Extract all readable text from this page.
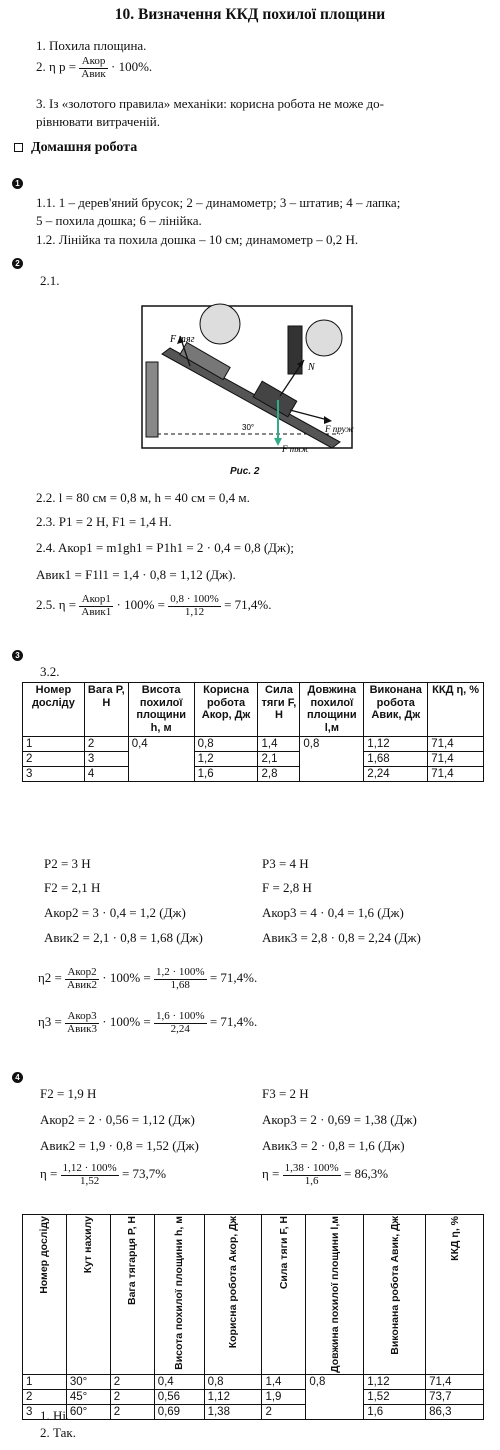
10. Визначення ККД похилої площини
1. Похила площина.
2. η $р = \frac{\text{Aкор}}{\text{Aвик}} \cdot 100\%$.
3. Із «золотого правила» механіки: корисна робота не може до-
рівнювати витраченій.
Домашня робота
1
1.1. 1 – дерев'яний брусок; 2 – динамометр; 3 – штатив; 4 – лапка;
5 – похила дошка; 6 – лінійка.
1.2. Лінійка та похила дошка – 10 см; динамометр – 0,2 Н.
2
2.1.
F тяг
N
F пруж
F тяж
30°
Рис. 2
2.2. l = 80 см = 0,8 м, h = 40 см = 0,4 м.
2.3. P1 = 2 Н, F1 = 1,4 Н.
2.4. Aкор1 = m1gh1 = P1h1 = 2 · 0,4 = 0,8 (Дж);
Aвик1 = F1l1 = 1,4 · 0,8 = 1,12 (Дж).
2.5. $\eta = \frac{\text{Aкор1}}{\text{Aвик1}} \cdot 100\% = \frac{0,8 \cdot 100\%}{1,12} = 71,4\%$.
3
3.2.
Номер досліду	Вага P, Н	Висота похилої площини h, м	Корисна робота Aкор, Дж	Сила тяги F, Н	Довжина похилої площини l,м	Виконана робота Aвик, Дж	ККД η, %
1	2	0,4	0,8	1,4	0,8	1,12	71,4
2	3		1,2	2,1		1,68	71,4
3	4		1,6	2,8		2,24	71,4
P2 = 3 Н
F2 = 2,1 Н
Aкор2 = 3 · 0,4 = 1,2 (Дж)
Aвик2 = 2,1 · 0,8 = 1,68 (Дж)
P3 = 4 Н
F = 2,8 Н
Aкор3 = 4 · 0,4 = 1,6 (Дж)
Aвик3 = 2,8 · 0,8 = 2,24 (Дж)
$\eta 2 = \frac{\text{Aкор2}}{\text{Aвик2}} \cdot 100\% = \frac{1,2 \cdot 100\%}{1,68} = 71,4\%$.
$\eta 3 = \frac{\text{Aкор3}}{\text{Aвик3}} \cdot 100\% = \frac{1,6 \cdot 100\%}{2,24} = 71,4\%$.
4
F2 = 1,9 Н
Aкор2 = 2 · 0,56 = 1,12 (Дж)
Aвик2 = 1,9 · 0,8 = 1,52 (Дж)
F3 = 2 Н
Aкор3 = 2 · 0,69 = 1,38 (Дж)
Aвик3 = 2 · 0,8 = 1,6 (Дж)
$\eta = \frac{1,12 \cdot 100\%}{1,52} = 73,7\%$	$\eta = \frac{1,38 \cdot 100\%}{1,6} = 86,3\%$
Номер досліду	Кут нахилу	Вага тягарця P, Н	Висота похилої площини h, м	Корисна робота Aкор, Дж	Сила тяги F, Н	Довжина похилої площини l,м	Виконана робота Aвик, Дж	ККД η, %

1	30°	2	0,4	0,8	1,4	0,8	1,12	71,4
2	45°	2	0,56	1,12	1,9		1,52	73,7
3	60°	2	0,69	1,38	2		1,6	86,3
1. Ні.
2. Так.
